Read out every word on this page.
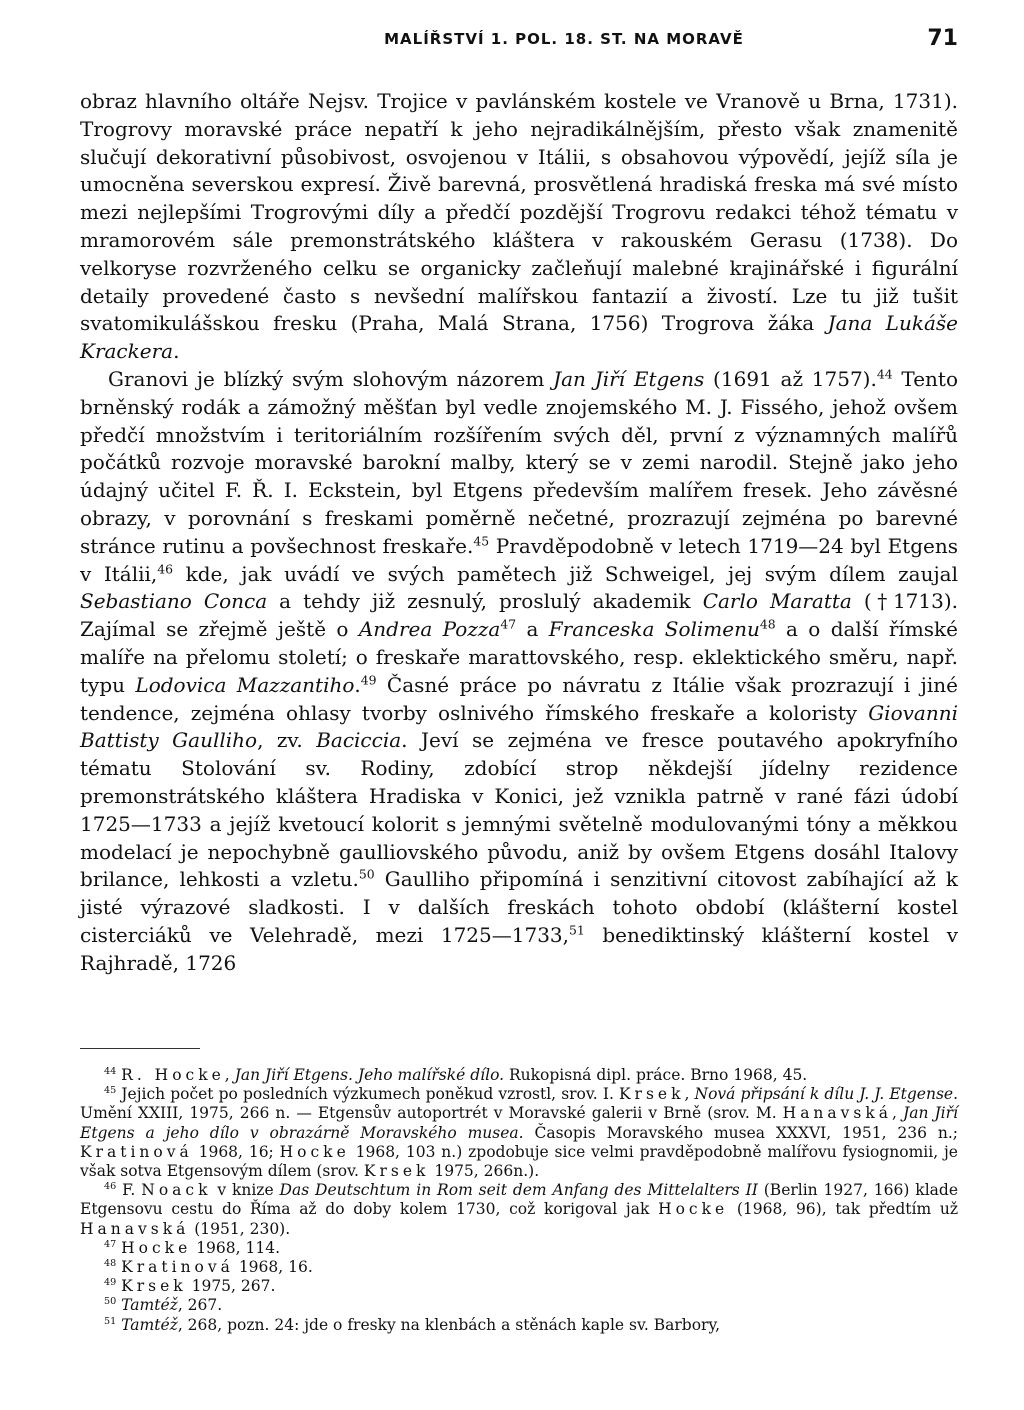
MALÍŘSTVÍ 1. POL. 18. ST. NA MORAVĚ	71

obraz hlavního oltáře Nejsv. Trojice v pavlánském kostele ve Vranově u Brna, 1731). Trogrovy moravské práce nepatří k jeho nejradikálnějším, přesto však znamenitě slučují dekorativní působivost, osvojenou v Itálii, s obsahovou výpovědí, jejíž síla je umocněna severskou expresí. Živě barevná, prosvětlená hradiská freska má své místo mezi nejlepšími Trogrovými díly a předčí pozdější Trogrovu redakci téhož tématu v mramorovém sále premonstrátského kláštera v rakouském Gerasu (1738). Do velkoryse rozvrženého celku se organicky začleňují malebné krajinářské i figurální detaily provedené často s nevšední malířskou fantazií a živostí. Lze tu již tušit svatomikulášskou fresku (Praha, Malá Strana, 1756) Trogrova žáka Jana Lukáše Krackera.

Granovi je blízký svým slohovým názorem Jan Jiří Etgens (1691 až 1757).$^{44}$ Tento brněnský rodák a zámožný měšťan byl vedle znojemského M. J. Fisséhо, jehož ovšem předčí množstvím i teritoriálním rozšířením svých děl, první z významných malířů počátků rozvoje moravské barokní malby, který se v zemi narodil. Stejně jako jeho údajný učitel F. Ř. I. Eckstein, byl Etgens především malířem fresek. Jeho závěsné obrazy, v porovnání s freskami poměrně nečetné, prozrazují zejména po barevné stránce rutinu a povšechnost freskaře.$^{45}$ Pravděpodobně v letech 1719—24 byl Etgens v Itálii,$^{46}$ kde, jak uvádí ve svých pamětech již Schweigel, jej svým dílem zaujal Sebastiano Conca a tehdy již zesnulý, proslulý akademik Carlo Maratta (†1713). Zajímal se zřejmě ještě o Andrea Pozza$^{47}$ a Franceska Solimenu$^{48}$ a o další římské malíře na přelomu století; o freskaře marattovského, resp. eklektického směru, např. typu Lodovica Mazzantiho.$^{49}$ Časné práce po návratu z Itálie však prozrazují i jiné tendence, zejména ohlasy tvorby oslnivého římského freskaře a koloristy Giovanni Battisty Gaulliho, zv. Baciccia. Jeví se zejména ve fresce poutavého apokryfního tématu Stolování sv. Rodiny, zdobící strop někdejší jídelny rezidence premonstrátského kláštera Hradiska v Konici, jež vznikla patrně v rané fázi údobí 1725—1733 a jejíž kvetoucí kolorit s jemnými světelně modulovanými tóny a měkkou modelací je nepochybně gaulliovského původu, aniž by ovšem Etgens dosáhl Italovy brilance, lehkosti a vzletu.$^{50}$ Gaulliho připomíná i senzitivní citovost zabíhající až k jisté výrazové sladkosti. I v dalších freskách tohoto období (klášterní kostel cisterciáků ve Velehradě, mezi 1725—1733,51 benediktinský klášterní kostel v Rajhradě, 1726

$^{44}$ R. Hocke, Jan Jiří Etgens. Jeho malířské dílo. Rukopisná dipl. práce. Brno 1968, 45.

$^{45}$ Jejich počet po posledních výzkumech poněkud vzrostl, srov. I. Krsek, Nová připsání k dílu J. J. Etgense. Umění XXIII, 1975, 266 n. — Etgensův autoportrét v Moravské galerii v Brně (srov. M. Hanavská, Jan Jiří Etgens a jeho dílo v obrazárně Moravského musea. Časopis Moravského musea XXXVI, 1951, 236 n.; Kratinová 1968, 16; Hocke 1968, 103 n.) zpodobuje sice velmi pravděpodobně malířovu fysiognomii, je však sotva Etgensovým dílem (srov. Krsek 1975, 266n.).

$^{46}$ F. Noack v knize Das Deutschtum in Rom seit dem Anfang des Mittelalters II (Berlin 1927, 166) klade Etgensovu cestu do Říma až do doby kolem 1730, což korigoval jak Hocke (1968, 96), tak předtím už Hanavská (1951, 230).

$^{47}$ Hocke 1968, 114.

$^{48}$ Kratinová 1968, 16.

$^{49}$ Krsek 1975, 267.

$^{50}$ Tamtéž, 267.

$^{51}$ Tamtéž, 268, pozn. 24: jde o fresky na klenbách a stěnách kaple sv. Barbory,
